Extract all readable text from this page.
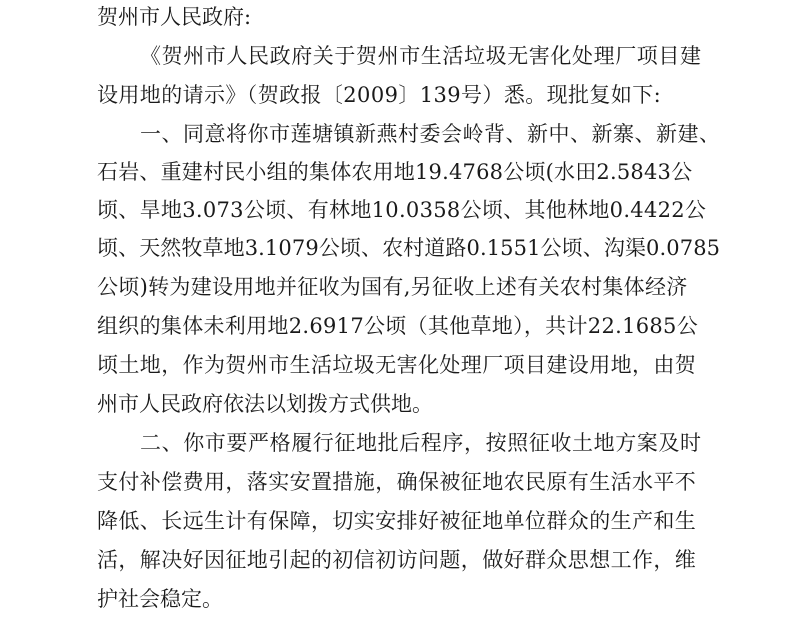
贺州市人民政府:

《贺州市人民政府关于贺州市生活垃圾无害化处理厂项目建

设用地的请示》（贺政报〔2009〕139号）悉。现批复如下:

一、同意将你市莲塘镇新燕村委会岭背、新中、新寨、新建、

石岩、重建村民小组的集体农用地19.4768公顷(水田2.5843公

顷、旱地3.073公顷、有林地10.0358公顷、其他林地0.4422公

顷、天然牧草地3.1079公顷、农村道路0.1551公顷、沟渠0.0785

公顷)转为建设用地并征收为国有,另征收上述有关农村集体经济

组织的集体未利用地2.6917公顷（其他草地），共计22.1685公

顷土地，作为贺州市生活垃圾无害化处理厂项目建设用地，由贺

州市人民政府依法以划拨方式供地。

二、你市要严格履行征地批后程序，按照征收土地方案及时

支付补偿费用，落实安置措施，确保被征地农民原有生活水平不

降低、长远生计有保障，切实安排好被征地单位群众的生产和生

活，解决好因征地引起的初信初访问题，做好群众思想工作，维

护社会稳定。
